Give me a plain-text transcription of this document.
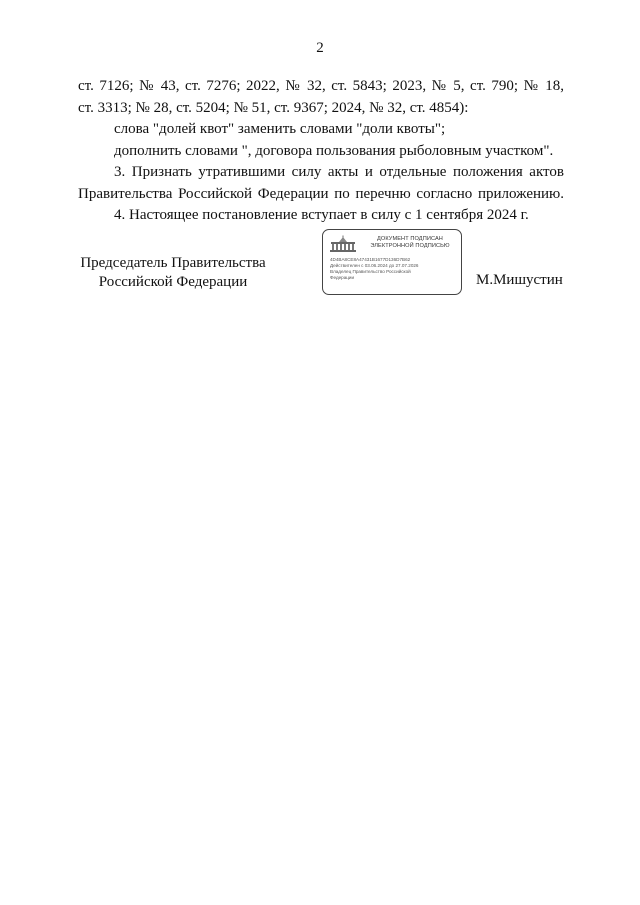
2
ст. 7126; № 43, ст. 7276; 2022, № 32, ст. 5843; 2023, № 5, ст. 790; № 18,
ст. 3313; № 28, ст. 5204; № 51, ст. 9367; 2024, № 32, ст. 4854):
слова "долей квот" заменить словами "доли квоты";
дополнить словами ", договора пользования рыболовным участком".
3. Признать утратившими силу акты и отдельные положения актов
Правительства Российской Федерации по перечню согласно приложению.
4. Настоящее постановление вступает в силу с 1 сентября 2024 г.
Председатель Правительства
Российской Федерации
ДОКУМЕНТ ПОДПИСАН
ЭЛЕКТРОННОЙ ПОДПИСЬЮ
4D4BA8CE8A47431B1677D136D7B62
Действителен с 03.06.2024 до 27.07.2026
Владелец Правительство Российской
Федерации	М.Мишустин
